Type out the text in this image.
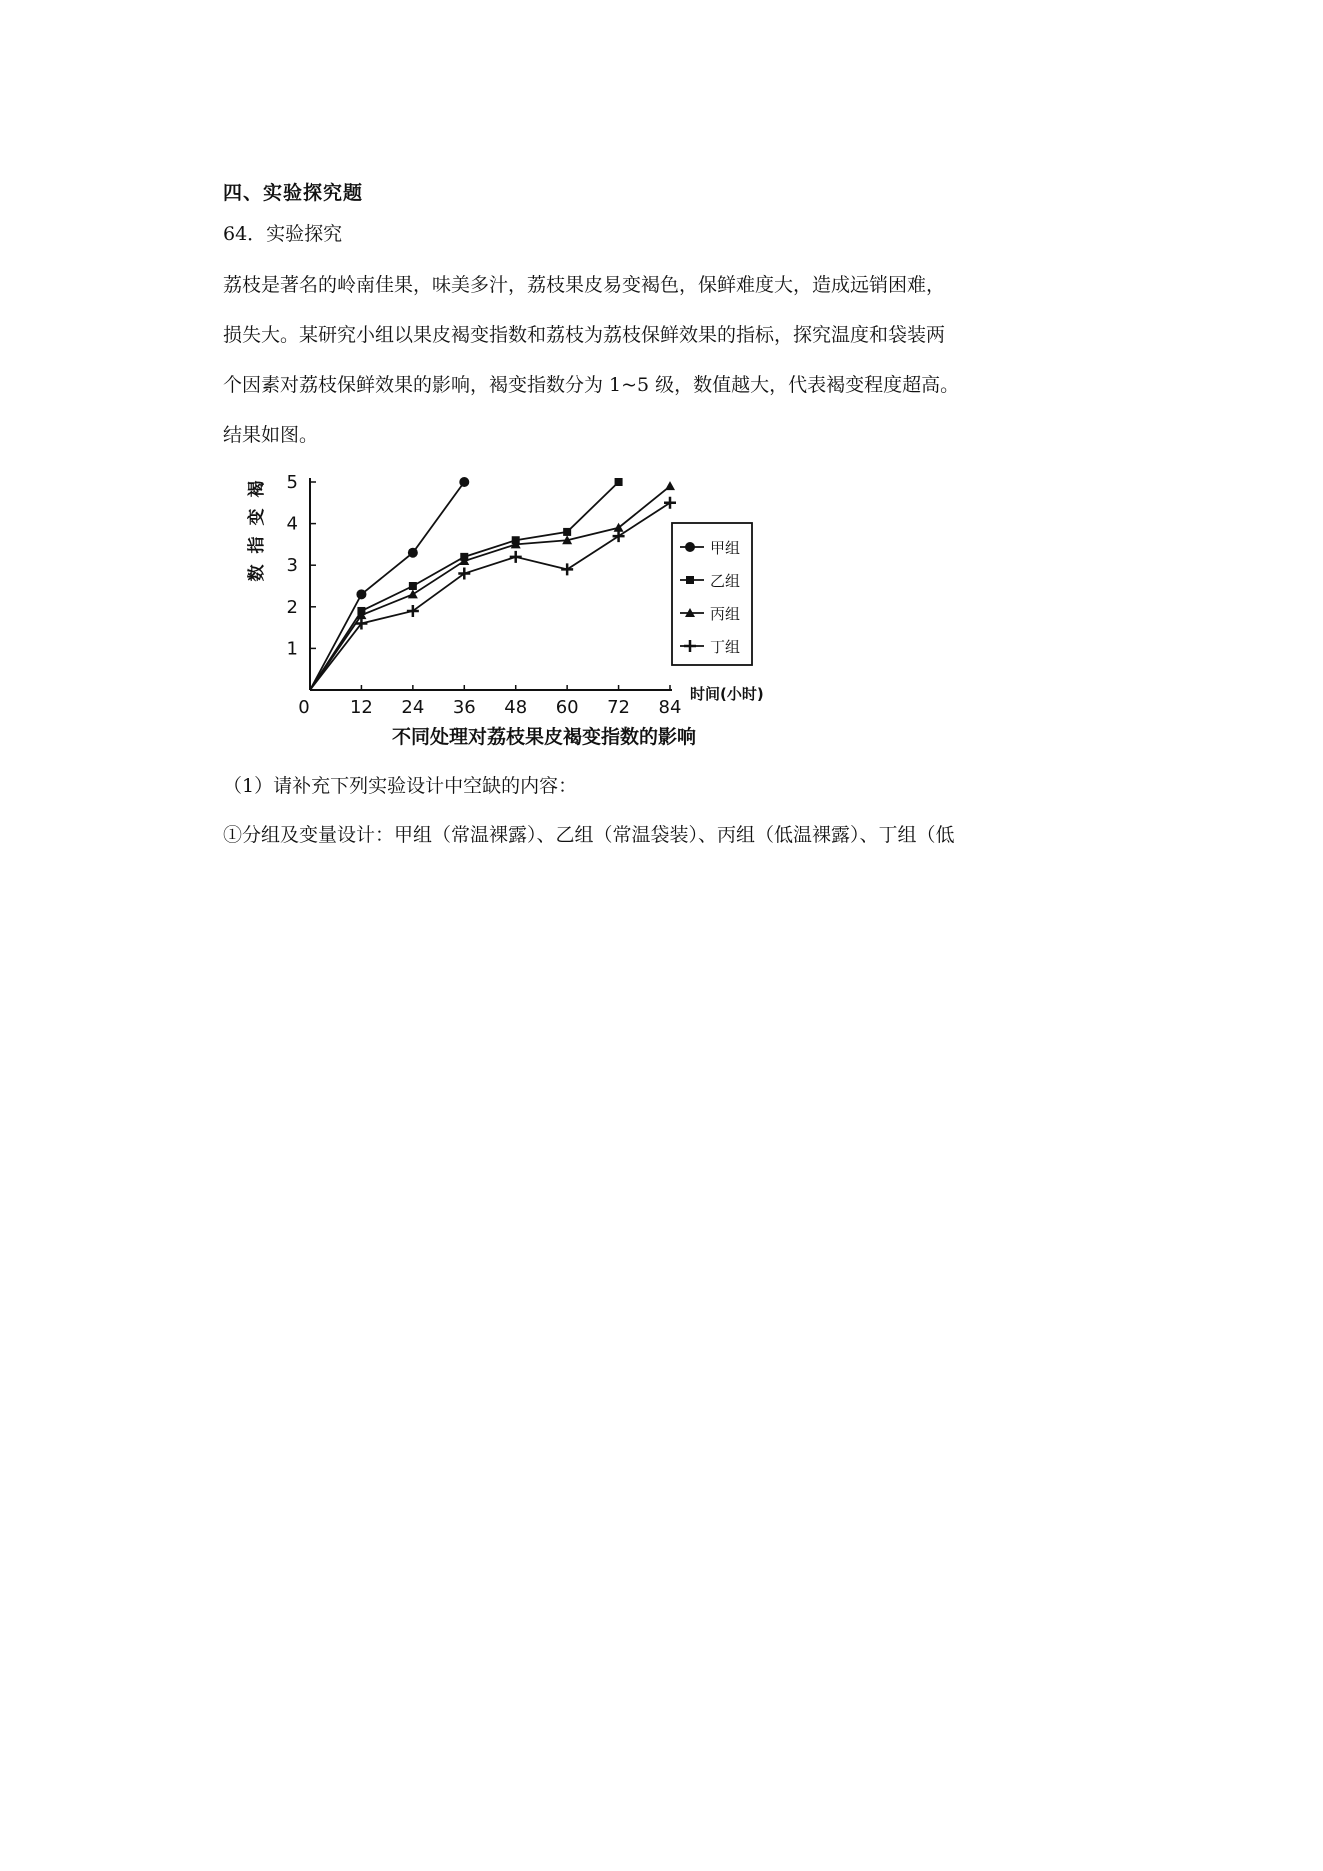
四、实验探究题
64．实验探究
荔枝是著名的岭南佳果，味美多汁，荔枝果皮易变褐色，保鲜难度大，造成远销困难，
损失大。某研究小组以果皮褐变指数和荔枝为荔枝保鲜效果的指标，探究温度和袋装两
个因素对荔枝保鲜效果的影响，褐变指数分为 1~5 级，数值越大，代表褐变程度超高。
结果如图。
1
2
3
4
5
0 12 24 36 48 60 72 84
时间(小时)
褐
变
指
数
甲组
乙组
丙组
丁组
不同处理对荔枝果皮褐变指数的影响
（1）请补充下列实验设计中空缺的内容：
①分组及变量设计：甲组（常温裸露）、乙组（常温袋装）、丙组（低温裸露）、丁组（低
